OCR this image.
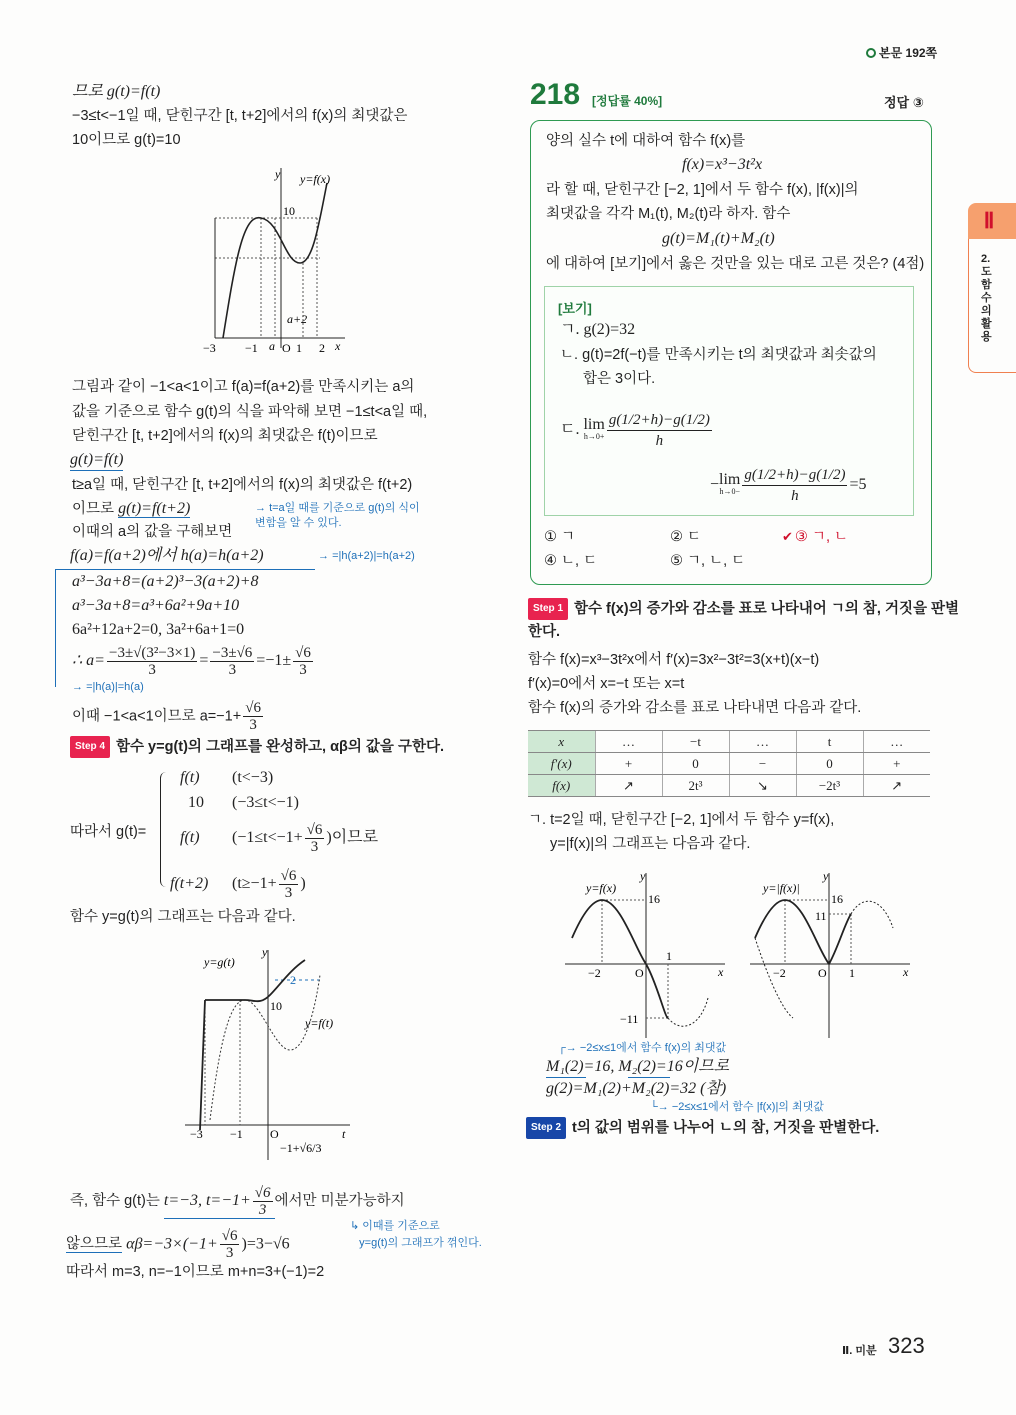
본문 192쪽
므로 g(t)=f(t)
−3≤t<−1일 때, 닫힌구간 [t, t+2]에서의 f(x)의 최댓값은
10이므로 g(t)=10
y y=f(x)
10
a+2
−3 −1 a O 1 2 x
그림과 같이 −1<a<1이고 f(a)=f(a+2)를 만족시키는 a의
값을 기준으로 함수 g(t)의 식을 파악해 보면 −1≤t<a일 때,
닫힌구간 [t, t+2]에서의 f(x)의 최댓값은 f(t)이므로
g(t)=f(t)
t≥a일 때, 닫힌구간 [t, t+2]에서의 f(x)의 최댓값은 f(t+2)
이므로 g(t)=f(t+2)	→ t=a일 때를 기준으로 g(t)의 식이
변함을 알 수 있다.
이때의 a의 값을 구해보면
f(a)=f(a+2)에서 h(a)=h(a+2)	→ =|h(a+2)|=h(a+2)
a³−3a+8=(a+2)³−3(a+2)+8
a³−3a+8=a³+6a²+9a+10
6a²+12a+2=0, 3a²+6a+1=0
∴ $a= \frac{\text{−3±√(3²−3×1)}}{3} = \frac{-3\pm√6}{3} =-1\pm \frac{√6}{3}$
→ =|h(a)|=h(a)
이때 −1<a<1이므로 $a=-1+ \frac{√6}{3}$
Step 4 함수 y=g(t)의 그래프를 완성하고, αβ의 값을 구한다.
따라서 g(t)=
f(t) (t<−3)
10 (−3≤t<−1)
f(t) ($-1\le t<-1+ \frac{√6}{3}$ )이므로
f(t+2) ($t\ge-1+ \frac{√6}{3}$ )
함수 y=g(t)의 그래프는 다음과 같다.
y
y=g(t)
y=f(t)
10
2
−3 −1 O
−1+√6/3
t
즉, 함수 g(t)는 t=−3, $t=-1+ \frac{√6}{3}$ 에서만 미분가능하지
않으므로 $\alpha\beta=-3\times(-1+ \frac{√6}{3} )=3-√6$
↳ 이때를 기준으로
y=g(t)의 그래프가 꺾인다.
따라서 m=3, n=−1이므로 m+n=3+(−1)=2
218 [정답률 40%]	정답 ③
양의 실수 t에 대하여 함수 f(x)를
f(x)=x³−3t²x
라 할 때, 닫힌구간 [−2, 1]에서 두 함수 f(x), |f(x)|의
최댓값을 각각 M₁(t), M₂(t)라 하자. 함수
g(t)=M₁(t)+M₂(t)
에 대하여 [보기]에서 옳은 것만을 있는 대로 고른 것은? (4점)
[보기]
ㄱ. g(2)=32
ㄴ. g(t)=2f(−t)를 만족시키는 t의 최댓값과 최솟값의
합은 3이다.
ㄷ. lim
$h\to 0+ \frac{g(1/2+h)-g(1/2)}{h}$
− lim
$h\to 0- \frac{g(1/2+h)-g(1/2)}{h} =5$
① ㄱ	② ㄷ	✔ ③ ㄱ, ㄴ
④ ㄴ, ㄷ	⑤ ㄱ, ㄴ, ㄷ
Step 1 함수 f(x)의 증가와 감소를 표로 나타내어 ㄱ의 참, 거짓을 판별
한다.
함수 f(x)=x³−3t²x에서 f′(x)=3x²−3t²=3(x+t)(x−t)
f′(x)=0에서 x=−t 또는 x=t
함수 f(x)의 증가와 감소를 표로 나타내면 다음과 같다.
x	…	−t	…	t	…
f′(x)	+	0	−	0	+
f(x)	↗	2t³	↘	−2t³	↗
ㄱ. t=2일 때, 닫힌구간 [−2, 1]에서 두 함수 y=f(x),
y=|f(x)|의 그래프는 다음과 같다.
y
y=f(x)
16
1
−2	O
−11
x
y
y=|f(x)|
16
11
−2	O 1	x
┌→ −2≤x≤1에서 함수 f(x)의 최댓값
M₁(2)=16, M₂(2)=16이므로
g(2)=M₁(2)+M₂(2)=32 (참)
└→ −2≤x≤1에서 함수 |f(x)|의 최댓값
Step 2 t의 값의 범위를 나누어 ㄴ의 참, 거짓을 판별한다.
Ⅱ
2. 도함수의 활용
Ⅱ. 미분 323
